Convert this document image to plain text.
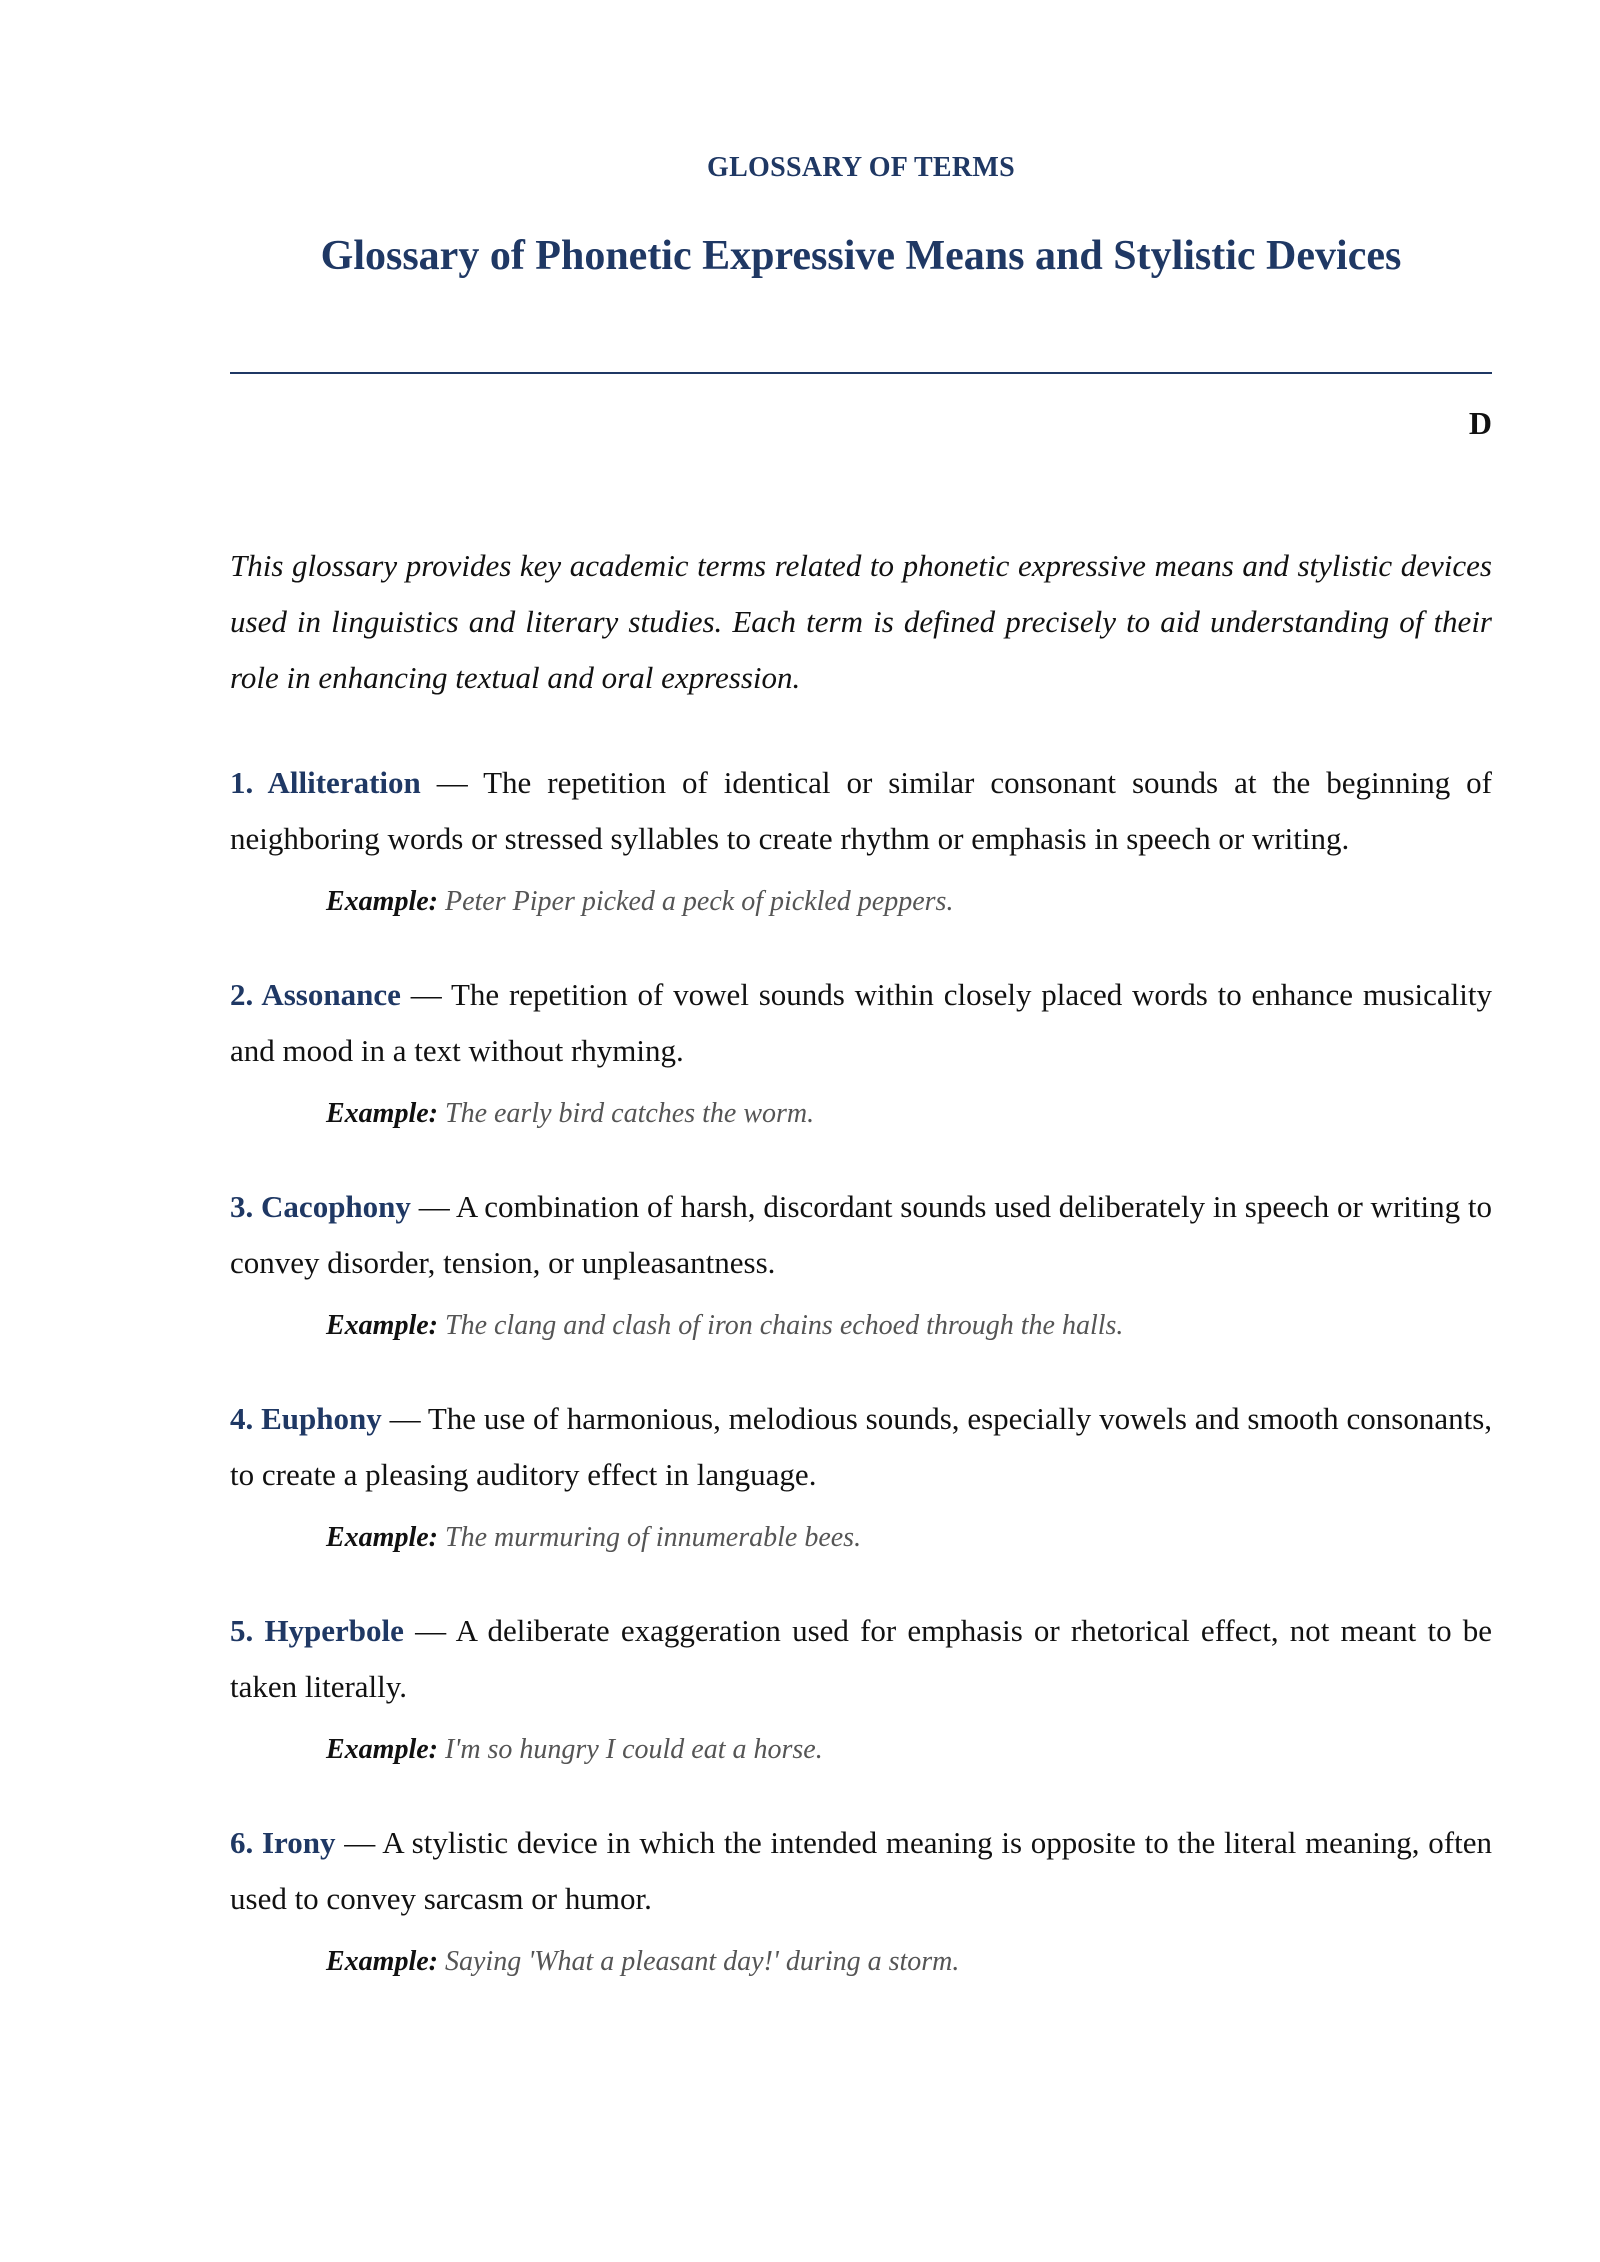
GLOSSARY OF TERMS
Glossary of Phonetic Expressive Means and Stylistic Devices
D

This glossary provides key academic terms related to phonetic expressive means and stylistic devices used in linguistics and literary studies. Each term is defined precisely to aid understanding of their role in enhancing textual and oral expression.

1. Alliteration — The repetition of identical or similar consonant sounds at the beginning of neighboring words or stressed syllables to create rhythm or emphasis in speech or writing.

Example: Peter Piper picked a peck of pickled peppers.

2. Assonance — The repetition of vowel sounds within closely placed words to enhance musicality and mood in a text without rhyming.

Example: The early bird catches the worm.

3. Cacophony — A combination of harsh, discordant sounds used deliberately in speech or writing to convey disorder, tension, or unpleasantness.

Example: The clang and clash of iron chains echoed through the halls.

4. Euphony — The use of harmonious, melodious sounds, especially vowels and smooth consonants, to create a pleasing auditory effect in language.

Example: The murmuring of innumerable bees.

5. Hyperbole — A deliberate exaggeration used for emphasis or rhetorical effect, not meant to be taken literally.

Example: I'm so hungry I could eat a horse.

6. Irony — A stylistic device in which the intended meaning is opposite to the literal meaning, often used to convey sarcasm or humor.

Example: Saying 'What a pleasant day!' during a storm.
